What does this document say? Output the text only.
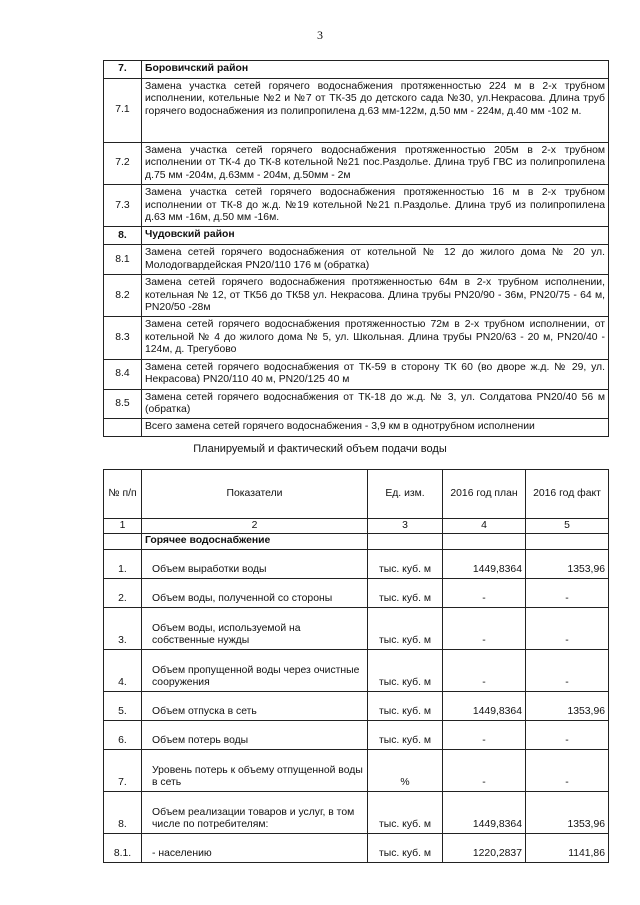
3
7.	Боровичский район
7.1	Замена участка сетей горячего водоснабжения протяженностью 224 м в 2-х трубном исполнении, котельные №2 и №7 от ТК-35 до детского сада №30, ул.Некрасова. Длина труб горячего водоснабжения из полипропилена д.63 мм-122м, д.50 мм - 224м, д.40 мм -102 м.
7.2	Замена участка сетей горячего водоснабжения протяженностью 205м в 2-х трубном исполнении от ТК-4 до ТК-8 котельной №21 пос.Раздолье. Длина труб ГВС из полипропилена д.75 мм -204м, д.63мм - 204м, д.50мм - 2м
7.3	Замена участка сетей горячего водоснабжения протяженностью 16 м в 2-х трубном исполнении от ТК-8 до ж.д. №19 котельной №21 п.Раздолье. Длина труб из полипропилена д.63 мм -16м, д.50 мм -16м.
8.	Чудовский район
8.1	Замена сетей горячего водоснабжения от котельной № 12 до жилого дома № 20 ул. Молодогвардейская PN20/110 176 м (обратка)
8.2	Замена сетей горячего водоснабжения протяженностью 64м в 2-х трубном исполнении, котельная № 12, от ТК56 до ТК58 ул. Некрасова. Длина трубы PN20/90 - 36м, PN20/75 - 64 м, PN20/50 -28м
8.3	Замена сетей горячего водоснабжения протяженностью 72м в 2-х трубном исполнении, от котельной № 4 до жилого дома № 5, ул. Школьная. Длина трубы PN20/63 - 20 м, PN20/40 - 124м, д. Трегубово
8.4	Замена сетей горячего водоснабжения от ТК-59 в сторону ТК 60 (во дворе ж.д. № 29, ул. Некрасова) PN20/110 40 м, PN20/125 40 м
8.5	Замена сетей горячего водоснабжения от ТК-18 до ж.д. № 3, ул. Солдатова PN20/40 56 м (обратка)
	Всего замена сетей горячего водоснабжения - 3,9 км в однотрубном исполнении
Планируемый и фактический объем подачи воды
№ п/п	Показатели	Ед. изм.	2016 год план	2016 год факт
1	2	3	4	5
	Горячее водоснабжение			
1.	Объем выработки воды	тыс. куб. м	1449,8364	1353,96
2.	Объем воды, полученной со стороны	тыс. куб. м	-	-
3.	Объем воды, используемой на собственные нужды	тыс. куб. м	-	-
4.	Объем пропущенной воды через очистные сооружения	тыс. куб. м	-	-
5.	Объем отпуска в сеть	тыс. куб. м	1449,8364	1353,96
6.	Объем потерь воды	тыс. куб. м	-	-
7.	Уровень потерь к объему отпущенной воды в сеть	%	-	-
8.	Объем реализации товаров и услуг, в том числе по потребителям:	тыс. куб. м	1449,8364	1353,96
8.1.	- населению	тыс. куб. м	1220,2837	1141,86
